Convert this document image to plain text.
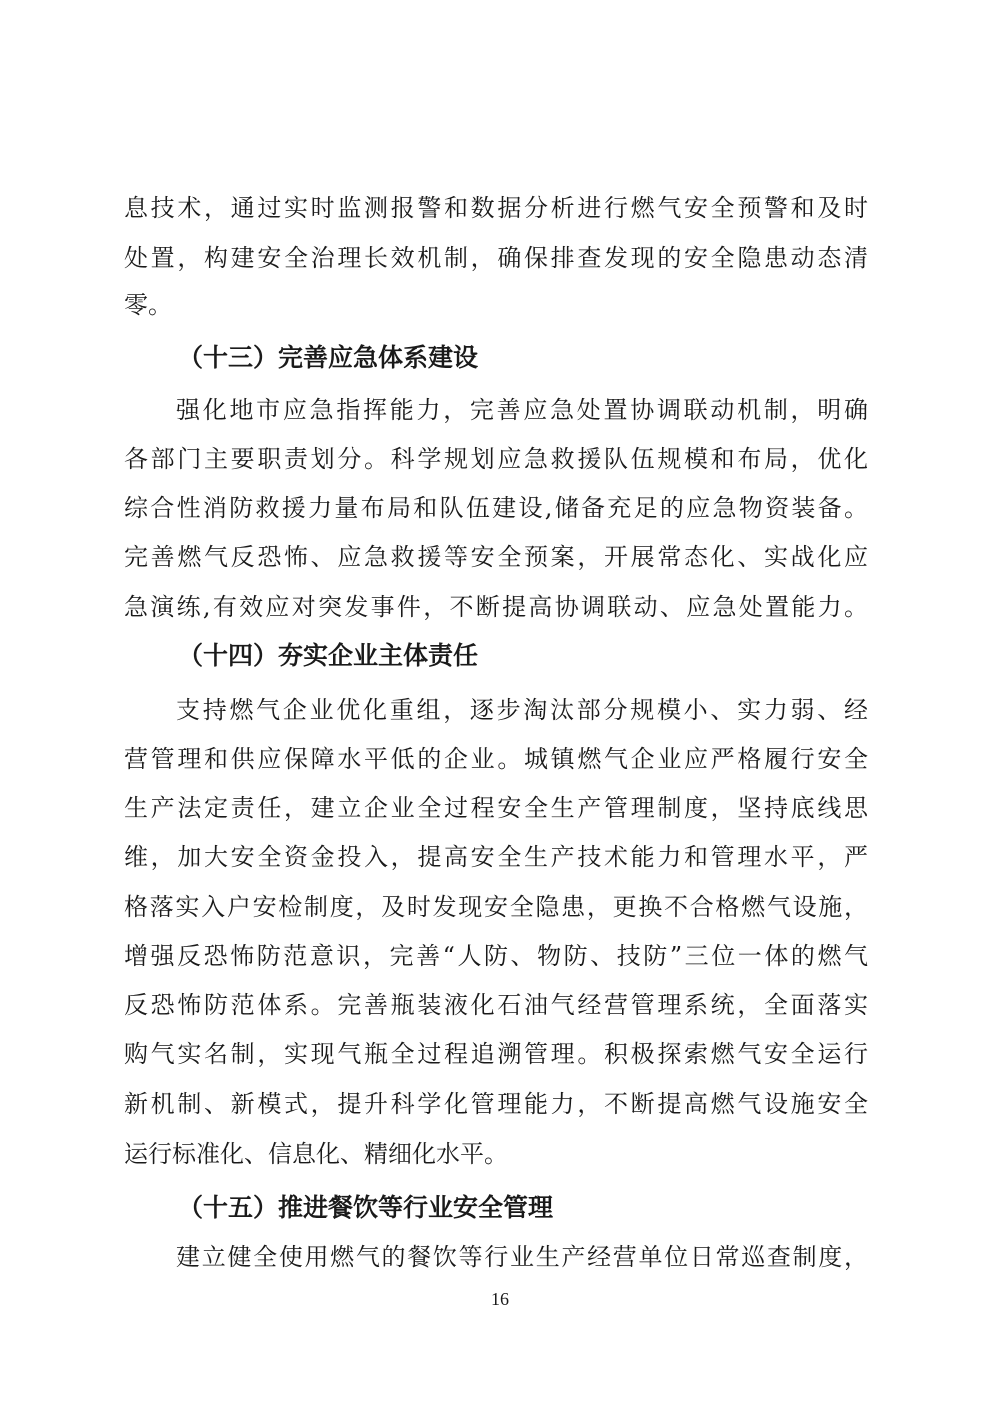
息技术，通过实时监测报警和数据分析进行燃气安全预警和及时
处置，构建安全治理长效机制，确保排查发现的安全隐患动态清
零。
（十三）完善应急体系建设
强化地市应急指挥能力，完善应急处置协调联动机制，明确
各部门主要职责划分。科学规划应急救援队伍规模和布局，优化
综合性消防救援力量布局和队伍建设,储备充足的应急物资装备。
完善燃气反恐怖、应急救援等安全预案，开展常态化、实战化应
急演练,有效应对突发事件，不断提高协调联动、应急处置能力。
（十四）夯实企业主体责任
支持燃气企业优化重组，逐步淘汰部分规模小、实力弱、经
营管理和供应保障水平低的企业。城镇燃气企业应严格履行安全
生产法定责任，建立企业全过程安全生产管理制度，坚持底线思
维，加大安全资金投入，提高安全生产技术能力和管理水平，严
格落实入户安检制度，及时发现安全隐患，更换不合格燃气设施，
增强反恐怖防范意识，完善“人防、物防、技防”三位一体的燃气
反恐怖防范体系。完善瓶装液化石油气经营管理系统，全面落实
购气实名制，实现气瓶全过程追溯管理。积极探索燃气安全运行
新机制、新模式，提升科学化管理能力，不断提高燃气设施安全
运行标准化、信息化、精细化水平。
（十五）推进餐饮等行业安全管理
建立健全使用燃气的餐饮等行业生产经营单位日常巡查制度，
16
